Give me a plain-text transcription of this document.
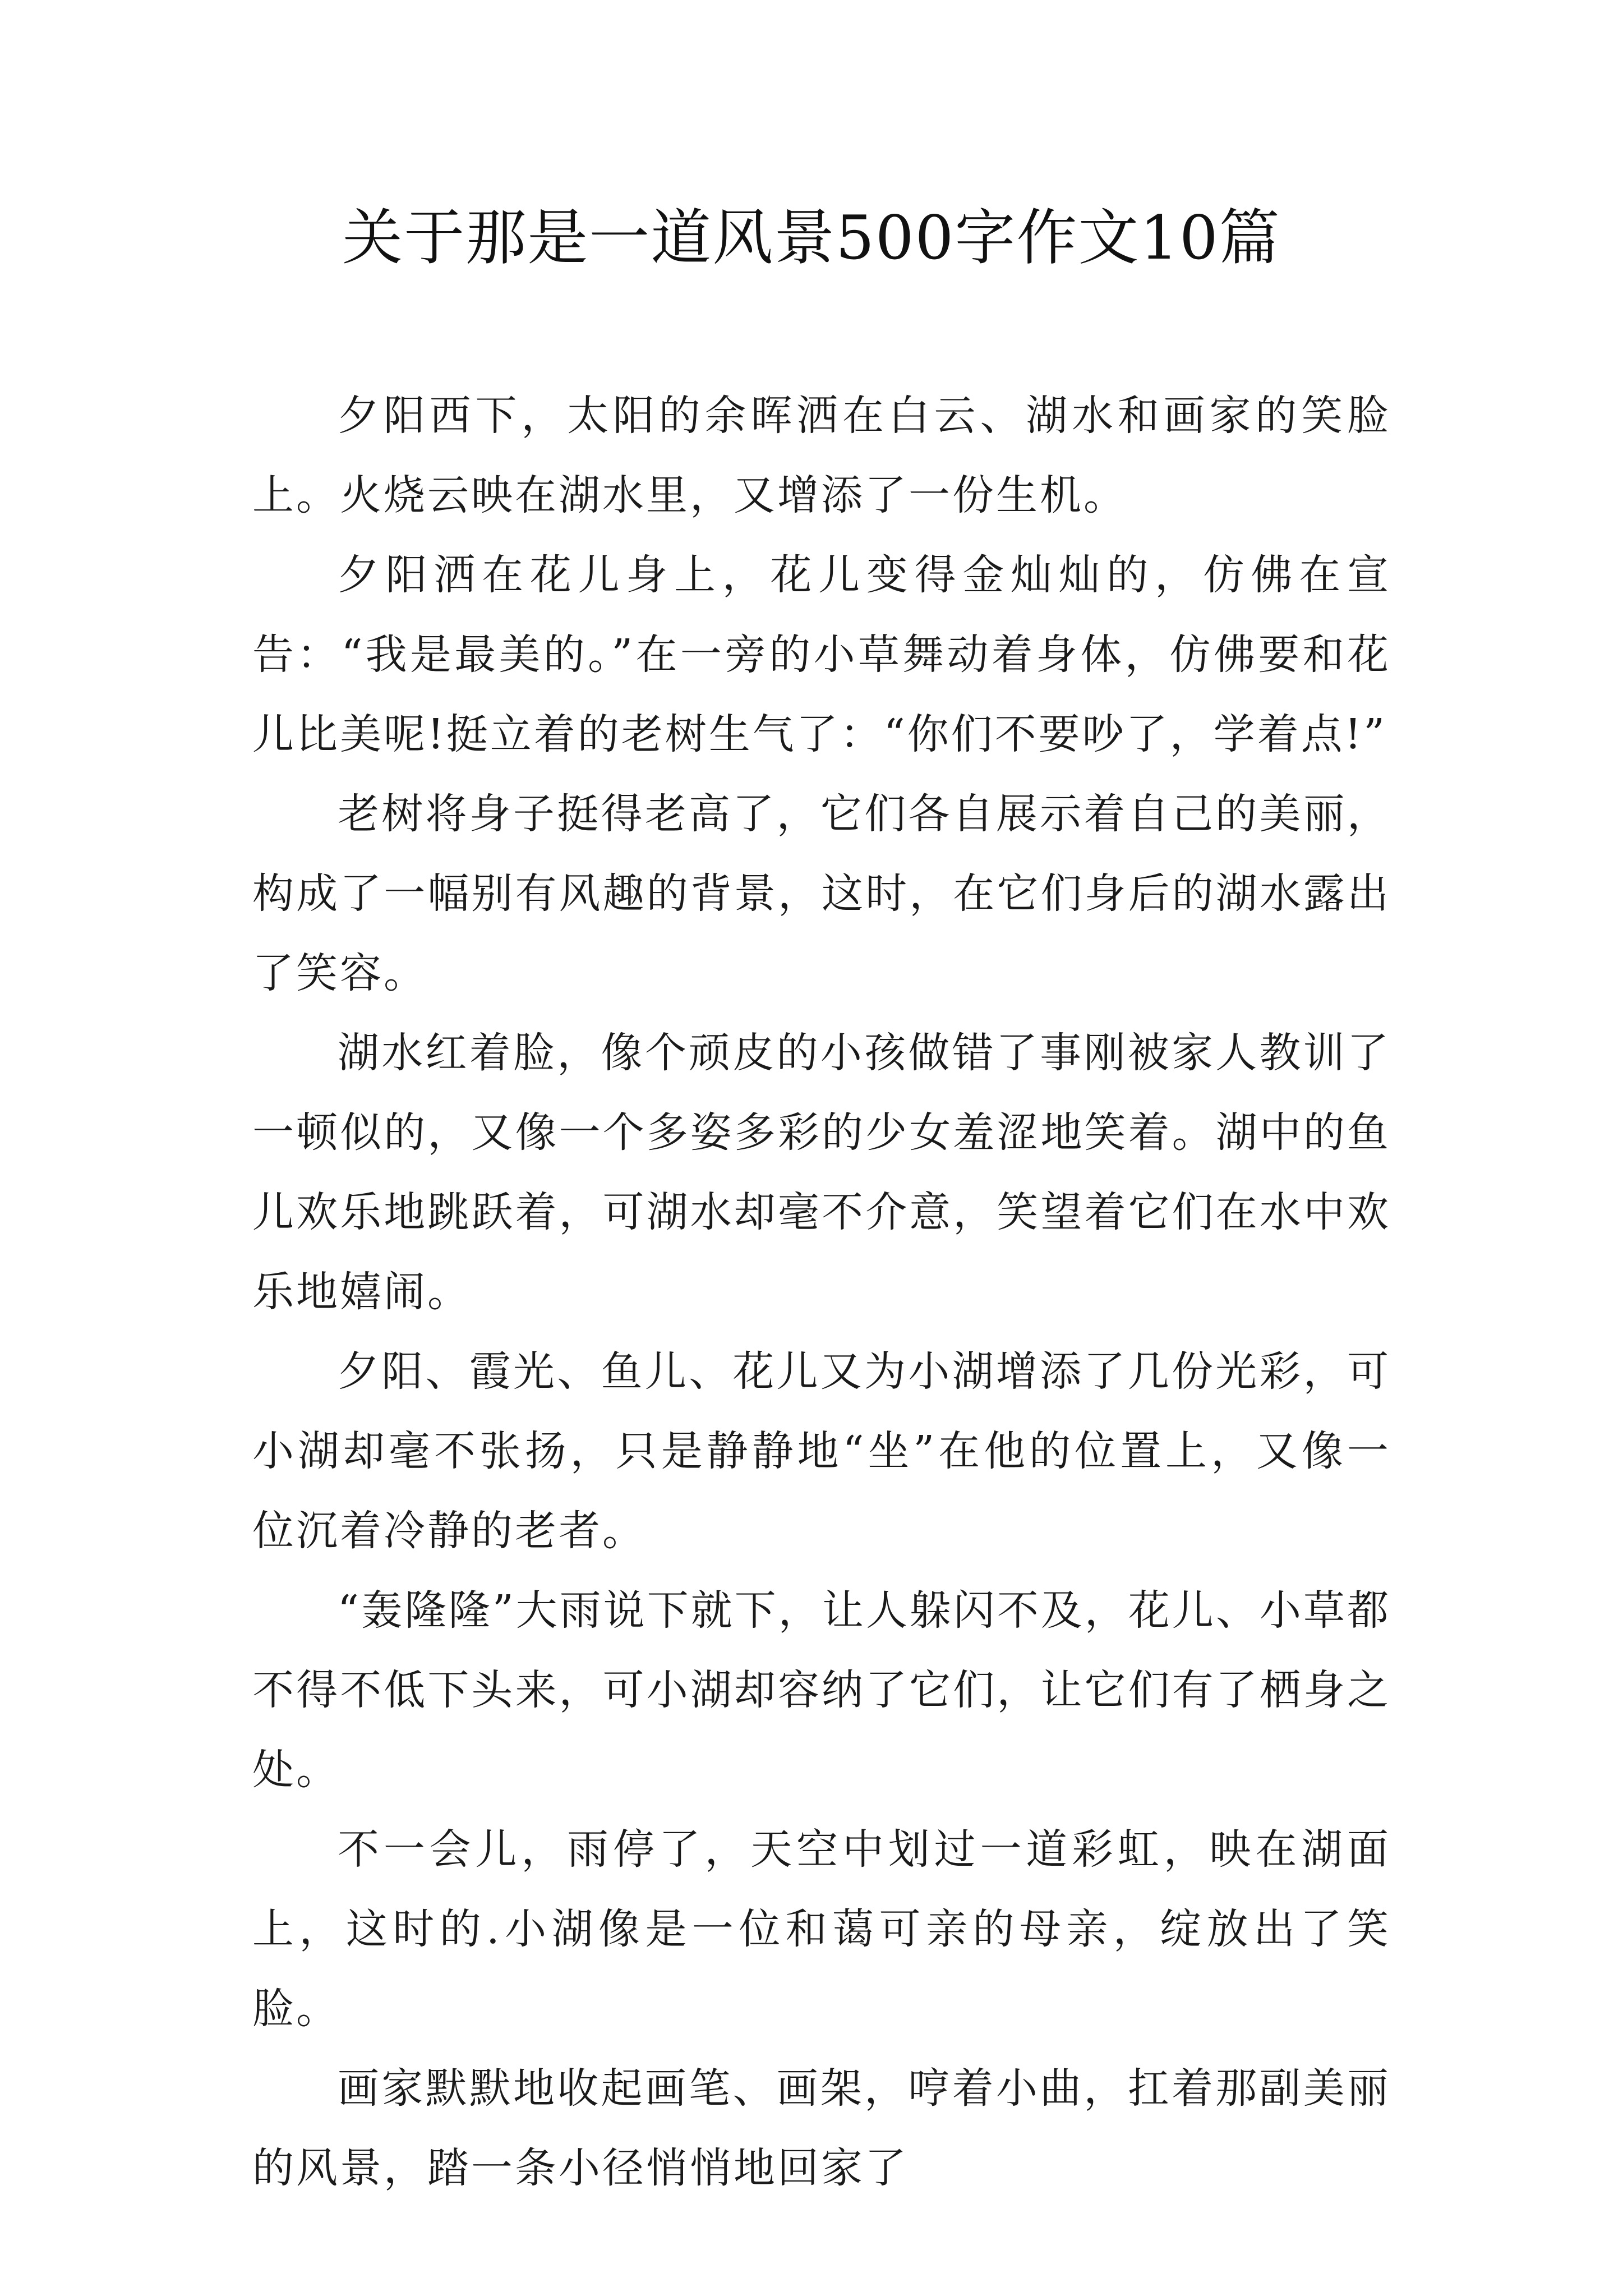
关于那是一道风景500字作文10篇

夕阳西下，太阳的余晖洒在白云、湖水和画家的笑脸上。火烧云映在湖水里，又增添了一份生机。

夕阳洒在花儿身上，花儿变得金灿灿的，仿佛在宣告：“我是最美的。”在一旁的小草舞动着身体，仿佛要和花儿比美呢!挺立着的老树生气了：“你们不要吵了，学着点!”

老树将身子挺得老高了，它们各自展示着自己的美丽，构成了一幅别有风趣的背景，这时，在它们身后的湖水露出了笑容。

湖水红着脸，像个顽皮的小孩做错了事刚被家人教训了一顿似的，又像一个多姿多彩的少女羞涩地笑着。湖中的鱼儿欢乐地跳跃着，可湖水却毫不介意，笑望着它们在水中欢乐地嬉闹。

夕阳、霞光、鱼儿、花儿又为小湖增添了几份光彩，可小湖却毫不张扬，只是静静地“坐”在他的位置上，又像一位沉着冷静的老者。

“轰隆隆”大雨说下就下，让人躲闪不及，花儿、小草都不得不低下头来，可小湖却容纳了它们，让它们有了栖身之处。

不一会儿，雨停了，天空中划过一道彩虹，映在湖面上，这时的.小湖像是一位和蔼可亲的母亲，绽放出了笑脸。

画家默默地收起画笔、画架，哼着小曲，扛着那副美丽的风景，踏一条小径悄悄地回家了
